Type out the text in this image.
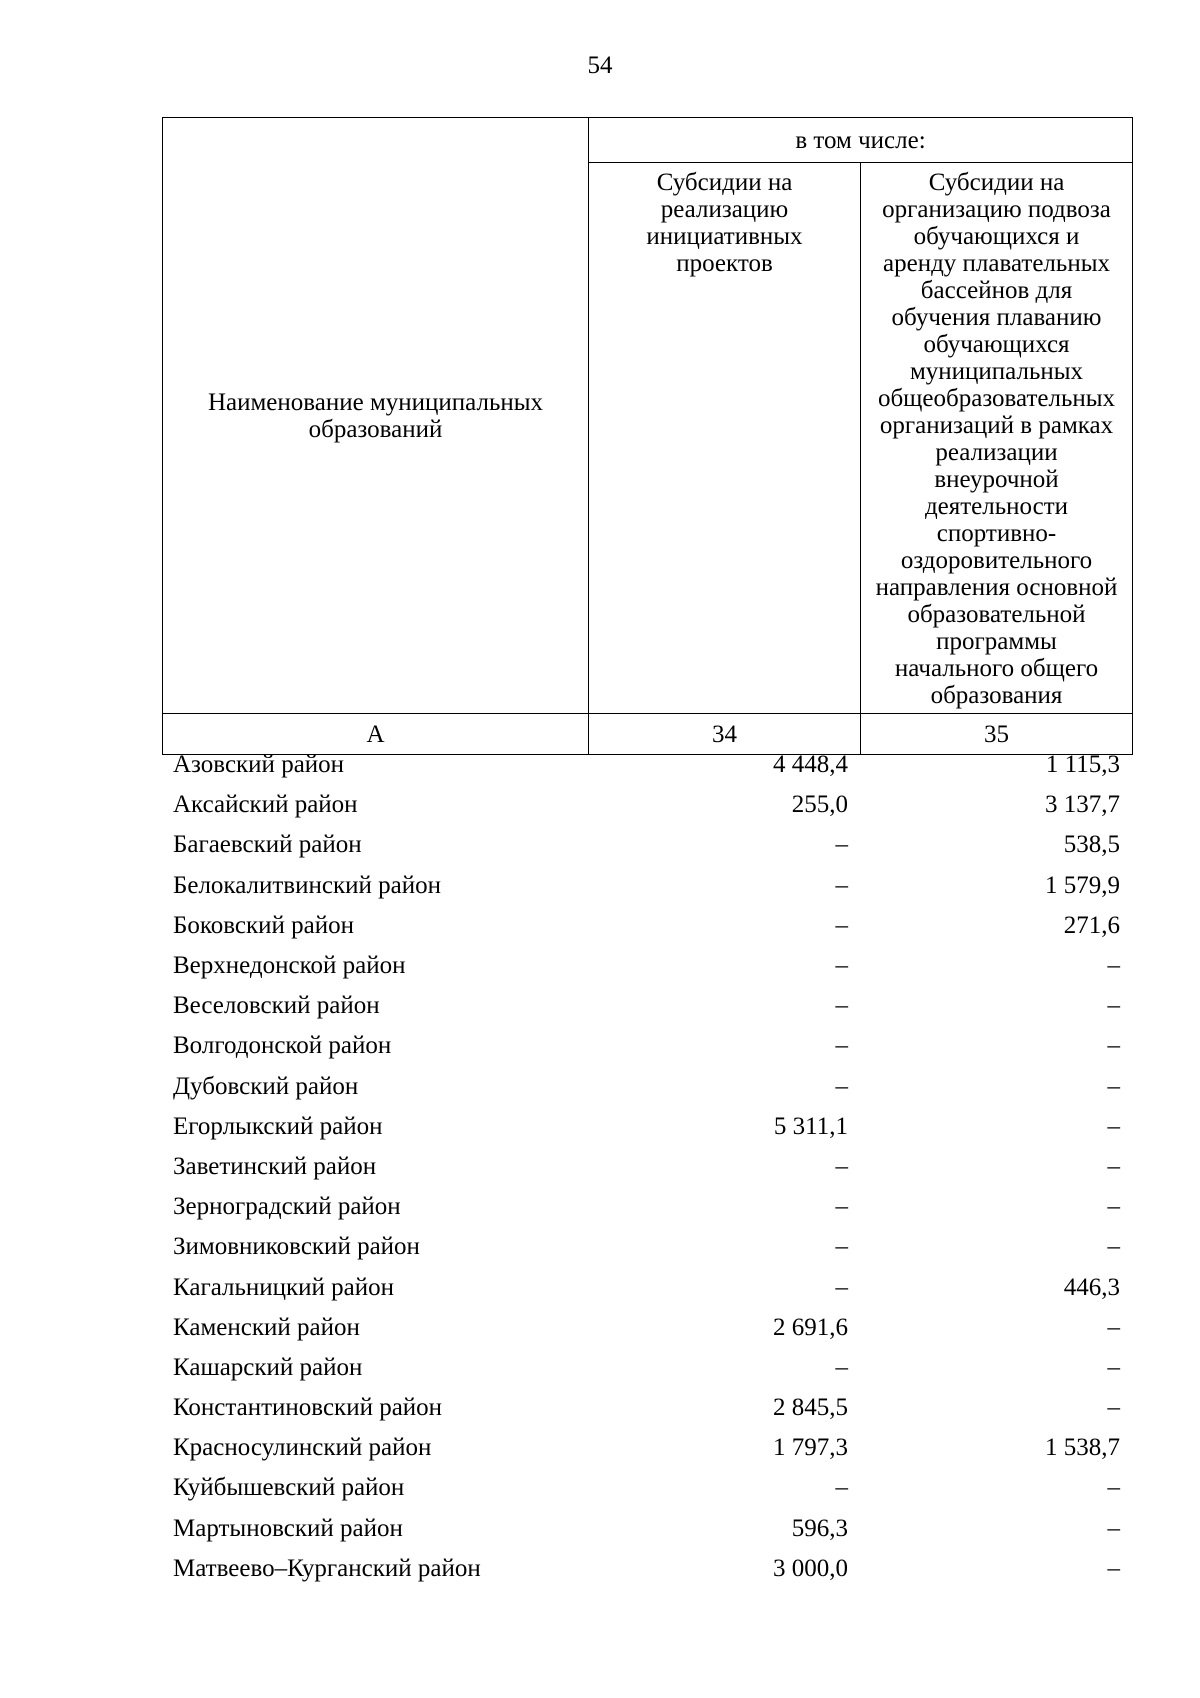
54
Наименование муниципальных образований	в том числе:	
	Субсидии на реализацию инициативных проектов	Субсидии на организацию подвоза обучающихся и аренду плавательных бассейнов для обучения плаванию обучающихся муниципальных общеобразовательных организаций в рамках реализации внеурочной деятельности спортивно-оздоровительного направления основной образовательной программы начального общего образования
А	34	35
Азовский район	4 448,4	1 115,3
Аксайский район	255,0	3 137,7
Багаевский район	–	538,5
Белокалитвинский район	–	1 579,9
Боковский район	–	271,6
Верхнедонской район	–	–
Веселовский район	–	–
Волгодонской район	–	–
Дубовский район	–	–
Егорлыкский район	5 311,1	–
Заветинский район	–	–
Зерноградский район	–	–
Зимовниковский район	–	–
Кагальницкий район	–	446,3
Каменский район	2 691,6	–
Кашарский район	–	–
Константиновский район	2 845,5	–
Красносулинский район	1 797,3	1 538,7
Куйбышевский район	–	–
Мартыновский район	596,3	–
Матвеево–Курганский район	3 000,0	–
